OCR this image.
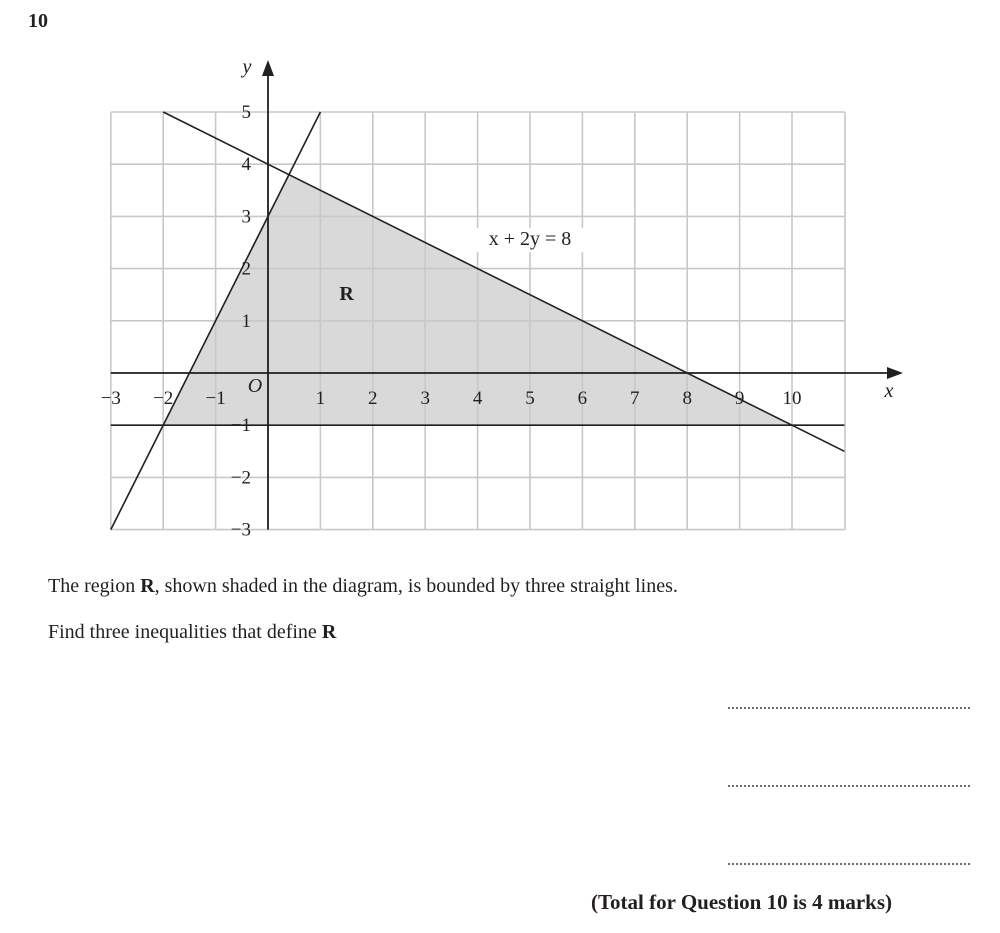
10
−3 −2 −1	1 2 3 4 5 6 7 8 9 10
5
4
3
2
1
−1
−2
−3
y
x
O
x + 2y = 8
R

The region R, shown shaded in the diagram, is bounded by three straight lines.

Find three inequalities that define R

(Total for Question 10 is 4 marks)
